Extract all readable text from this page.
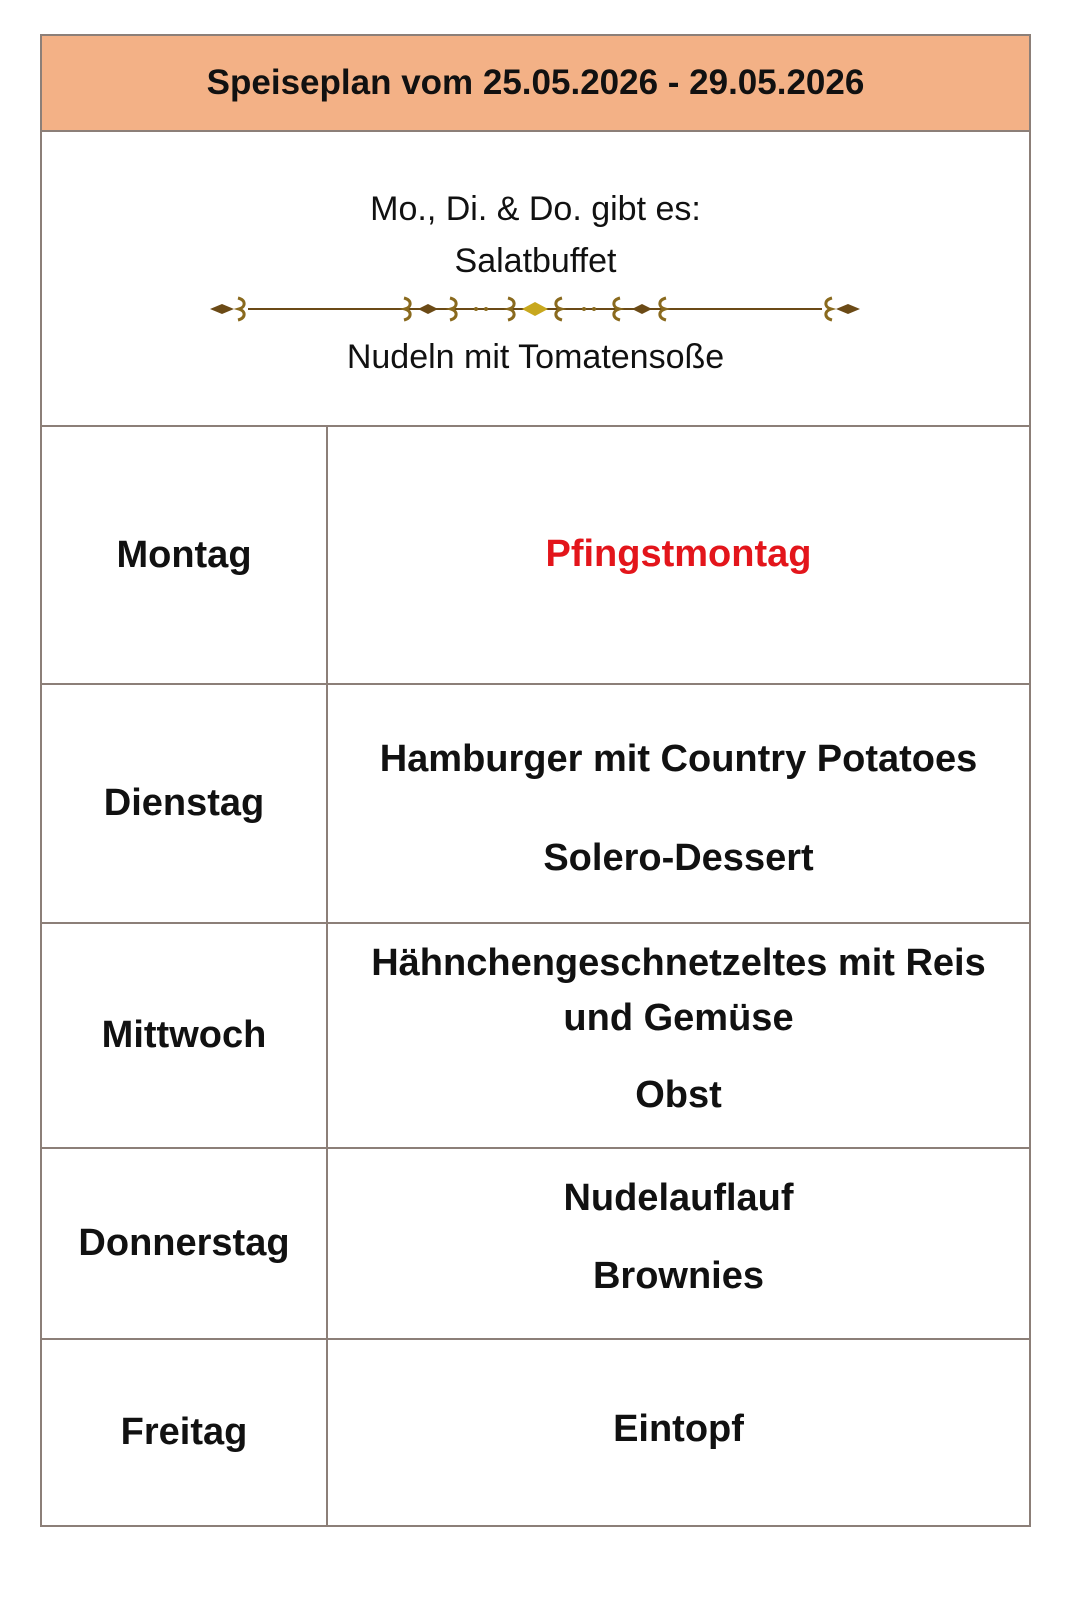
Speiseplan vom 25.05.2026 - 29.05.2026
Mo., Di. & Do. gibt es:
Salatbuffet
Nudeln mit Tomatensoße
Montag	Pfingstmontag
Dienstag
Hamburger mit Country Potatoes
Solero-Dessert
Mittwoch
Hähnchengeschnetzeltes mit Reis
und Gemüse
Obst
Donnerstag
Nudelauflauf
Brownies
Freitag	Eintopf
